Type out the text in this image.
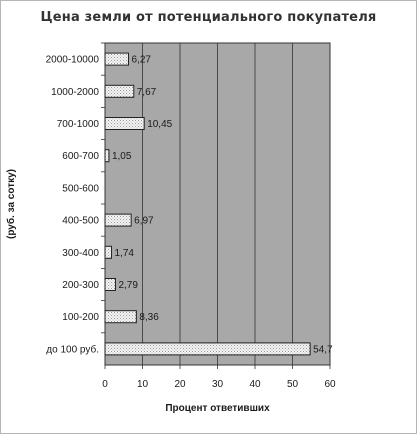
Цена земли от потенциального покупателя
2000-10000
1000-2000
700-1000
600-700
500-600
400-500
300-400
200-300
100-200
до 100 руб.
0	10	20	30	40	50	60
6,27
7,67
10,45
1,05
6,97
1,74
2,79
8,36
54,7
Процент ответивших
(руб. за сотку)
